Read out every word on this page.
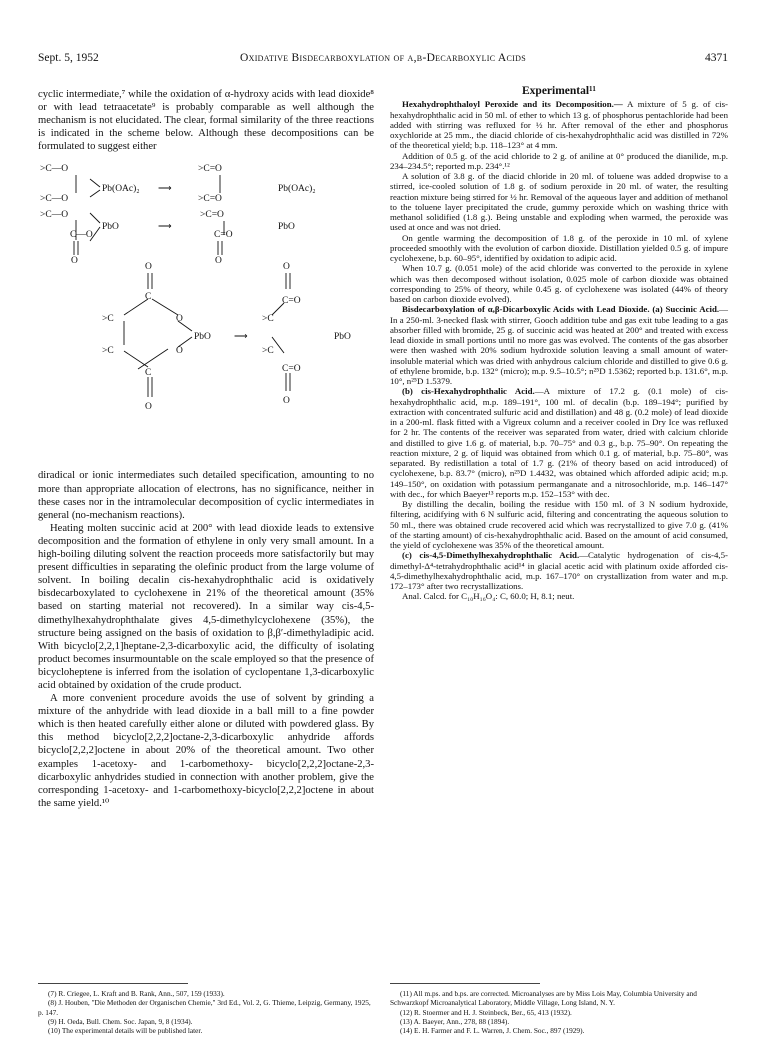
Sept. 5, 1952	Oxidative Bisdecarboxylation of α,β-Decarboxylic Acids	4371

cyclic intermediate,⁷ while the oxidation of α-hydroxy acids with lead dioxide⁸ or with lead tetraacetate⁹ is probably comparable as well although the mechanism is not elucidated. The clear, formal similarity of the three reactions is indicated in the scheme below. Although these decompositions can be formulated to suggest either

>C—O
>C—O
Pb(OAc)₂ ⟶
>C=O
>C=O
Pb(OAc)₂
>C—O
C—O
O
PbO	⟶
>C=O
C=O
O
PbO
O
C
>C	O
PbO
>C	O
C
O
⟶
O
C=O
>C
>C
C=O
O
PbO

diradical or ionic intermediates such detailed specification, amounting to no more than appropriate allocation of electrons, has no significance, neither in these cases nor in the intramolecular decomposition of cyclic intermediates in general (no-mechanism reactions).

Heating molten succinic acid at 200° with lead dioxide leads to extensive decomposition and the formation of ethylene in only very small amount. In a high-boiling diluting solvent the reaction proceeds more satisfactorily but may present difficulties in separating the olefinic product from the large volume of solvent. In boiling decalin cis-hexahydrophthalic acid is oxidatively bisdecarboxylated to cyclohexene in 21% of the theoretical amount (35% based on starting material not recovered). In a similar way cis-4,5-dimethylhexahydrophthalate gives 4,5-dimethylcyclohexene (35%), the structure being assigned on the basis of oxidation to β,β′-dimethyladipic acid. With bicyclo[2,2,1]heptane-2,3-dicarboxylic acid, the difficulty of isolating product becomes insurmountable on the scale employed so that the presence of bicycloheptene is inferred from the isolation of cyclopentane 1,3-dicarboxylic acid obtained by oxidation of the crude product.

A more convenient procedure avoids the use of solvent by grinding a mixture of the anhydride with lead dioxide in a ball mill to a fine powder which is then heated carefully either alone or diluted with powdered glass. By this method bicyclo[2,2,2]octane-2,3-dicarboxylic anhydride affords bicyclo[2,2,2]octene in about 20% of the theoretical amount. Two other examples 1-acetoxy- and 1-carbomethoxy- bicyclo[2,2,2]octane-2,3-dicarboxylic anhydrides studied in connection with another problem, give the corresponding 1-acetoxy- and 1-carbomethoxy-bicyclo[2,2,2]octene in about the same yield.¹⁰

Experimental¹¹

Hexahydrophthaloyl Peroxide and its Decomposition.— A mixture of 5 g. of cis-hexahydrophthalic acid in 50 ml. of ether to which 13 g. of phosphorus pentachloride had been added with stirring was refluxed for ½ hr. After removal of the ether and phosphorus oxychloride at 25 mm., the diacid chloride of cis-hexahydrophthalic acid was distilled in 72% of the theoretical yield; b.p. 118–123° at 4 mm.

Addition of 0.5 g. of the acid chloride to 2 g. of aniline at 0° produced the dianilide, m.p. 234–234.5°; reported m.p. 234°.¹²

A solution of 3.8 g. of the diacid chloride in 20 ml. of toluene was added dropwise to a stirred, ice-cooled solution of 1.8 g. of sodium peroxide in 20 ml. of water, the resulting reaction mixture being stirred for ½ hr. Removal of the aqueous layer and addition of methanol to the toluene layer precipitated the crude, gummy peroxide which on washing thrice with methanol solidified (1.8 g.). Being unstable and exploding when warmed, the peroxide was used at once and was not dried.

On gentle warming the decomposition of 1.8 g. of the peroxide in 10 ml. of xylene proceeded smoothly with the evolution of carbon dioxide. Distillation yielded 0.5 g. of impure cyclohexene, b.p. 60–95°, identified by oxidation to adipic acid.

When 10.7 g. (0.051 mole) of the acid chloride was converted to the peroxide in xylene which was then decomposed without isolation, 0.025 mole of carbon dioxide was obtained corresponding to 25% of theory, while 0.45 g. of cyclohexene was isolated (44% of theory based on carbon dioxide evolved).

Bisdecarboxylation of α,β-Dicarboxylic Acids with Lead Dioxide. (a) Succinic Acid.—In a 250-ml. 3-necked flask with stirrer, Gooch addition tube and gas exit tube leading to a gas absorber filled with bromide, 25 g. of succinic acid was heated at 200° and treated with excess lead dioxide in small portions until no more gas was evolved. The contents of the gas absorber were then washed with 20% sodium hydroxide solution leaving a small amount of water-insoluble material which was dried with anhydrous calcium chloride and distilled to give 0.6 g. of ethylene bromide, b.p. 132° (micro); m.p. 9.5–10.5°; n²⁵D 1.5362; reported b.p. 131.6°, m.p. 10°, n²⁵D 1.5379.

(b) cis-Hexahydrophthalic Acid.—A mixture of 17.2 g. (0.1 mole) of cis-hexahydrophthalic acid, m.p. 189–191°, 100 ml. of decalin (b.p. 189–194°; purified by extraction with concentrated sulfuric acid and distillation) and 48 g. (0.2 mole) of lead dioxide in a 200-ml. flask fitted with a Vigreux column and a receiver cooled in Dry Ice was refluxed for 2 hr. The contents of the receiver was separated from water, dried with calcium chloride and distilled to give 1.6 g. of material, b.p. 70–75° and 0.3 g., b.p. 75–90°. On repeating the reaction mixture, 2 g. of liquid was obtained from which 0.1 g. of material, b.p. 75–80°, was separated. By redistillation a total of 1.7 g. (21% of theory based on acid introduced) of cyclohexene, b.p. 83.7° (micro), n²⁵D 1.4432, was obtained which afforded adipic acid; m.p. 149–150°, on oxidation with potassium permanganate and a nitrosochloride, m.p. 146–147° with dec., for which Baeyer¹³ reports m.p. 152–153° with dec.

By distilling the decalin, boiling the residue with 150 ml. of 3 N sodium hydroxide, filtering, acidifying with 6 N sulfuric acid, filtering and concentrating the aqueous solution to 50 ml., there was obtained crude recovered acid which was recrystallized to give 7.0 g. (41% of the starting amount) of cis-hexahydrophthalic acid. Based on the amount of acid consumed, the yield of cyclohexene was 35% of the theoretical amount.

(c) cis-4,5-Dimethylhexahydrophthalic Acid.—Catalytic hydrogenation of cis-4,5-dimethyl-Δ⁴-tetrahydrophthalic acid¹⁴ in glacial acetic acid with platinum oxide afforded cis-4,5-dimethylhexahydrophthalic acid, m.p. 167–170° on crystallization from water and m.p. 172–173° after two recrystallizations.

Anal. Calcd. for C₁₀H₁₆O₄: C, 60.0; H, 8.1; neut.

(7) R. Criegee, L. Kraft and B. Rank, Ann., 507, 159 (1933).

(8) J. Houben, "Die Methoden der Organischen Chemie," 3rd Ed., Vol. 2, G. Thieme, Leipzig, Germany, 1925, p. 147.

(9) H. Oeda, Bull. Chem. Soc. Japan, 9, 8 (1934).

(10) The experimental details will be published later.

(11) All m.ps. and b.ps. are corrected. Microanalyses are by Miss Lois May, Columbia University and Schwarzkopf Microanalytical Laboratory, Middle Village, Long Island, N. Y.

(12) R. Stoermer and H. J. Steinbeck, Ber., 65, 413 (1932).

(13) A. Baeyer, Ann., 278, 88 (1894).

(14) E. H. Farmer and F. L. Warren, J. Chem. Soc., 897 (1929).
